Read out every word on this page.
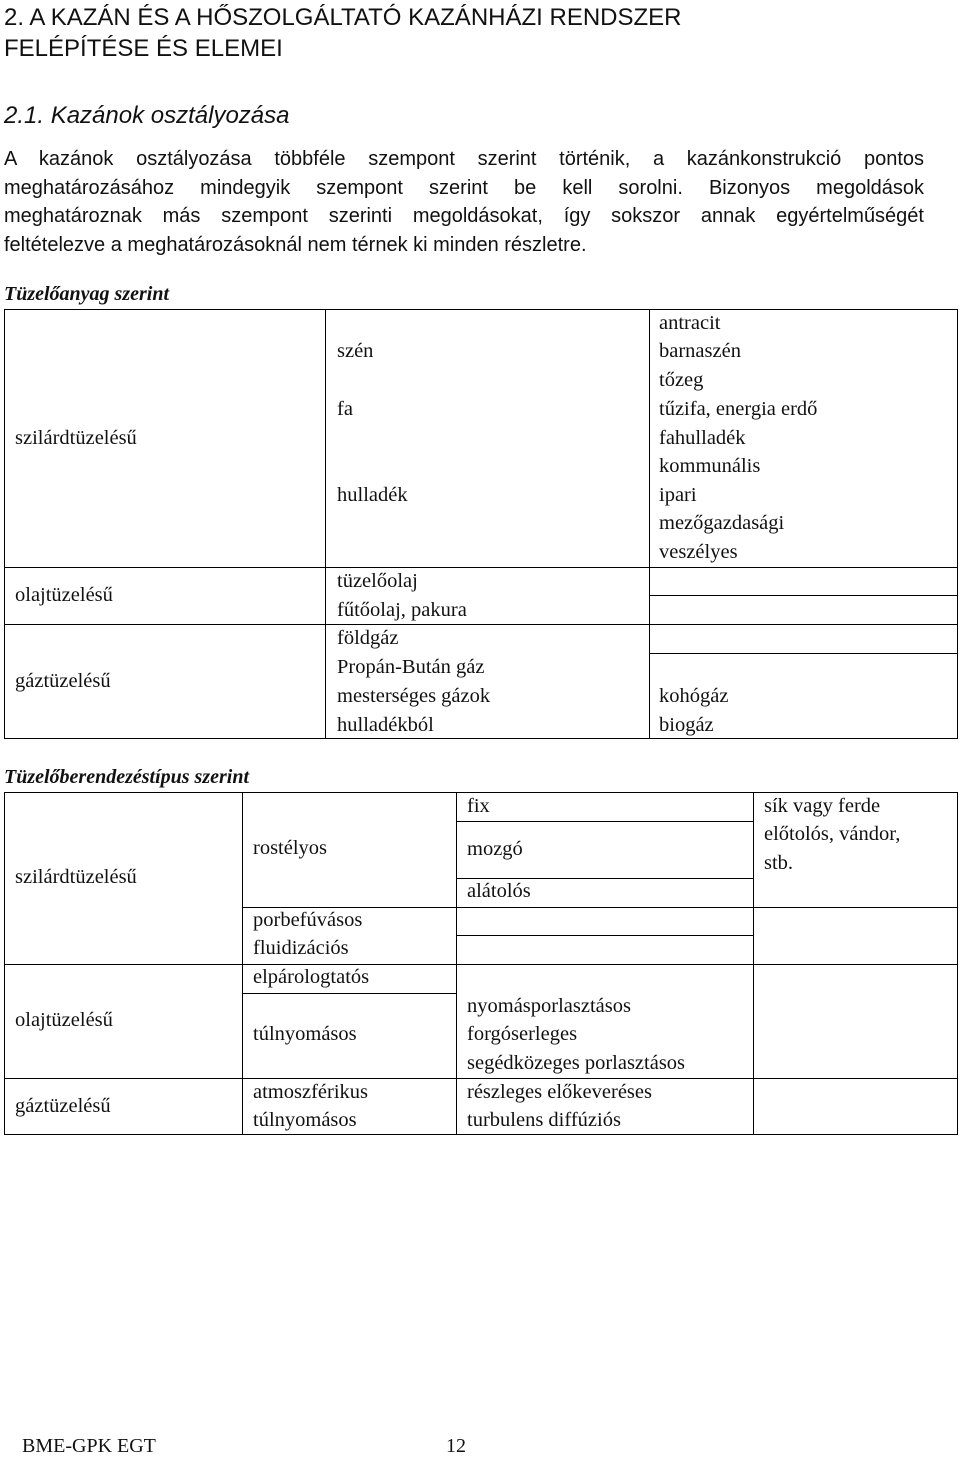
2. A KAZÁN ÉS A HŐSZOLGÁLTATÓ KAZÁNHÁZI RENDSZER
FELÉPÍTÉSE ÉS ELEMEI
2.1. Kazánok osztályozása
A kazánok osztályozása többféle szempont szerint történik, a kazánkonstrukció pontos
meghatározásához mindegyik szempont szerint be kell sorolni. Bizonyos megoldások
meghatároznak más szempont szerinti megoldásokat, így sokszor annak egyértelműségét
feltételezve a meghatározásoknál nem térnek ki minden részletre.
Tüzelőanyag szerint
szilárdtüzelésű
olajtüzelésű
gáztüzelésű
szén
fa
hulladék
tüzelőolaj
fűtőolaj, pakura
földgáz
Propán-Bután gáz
mesterséges gázok
hulladékból
antracit
barnaszén
tőzeg
tűzifa, energia erdő
fahulladék
kommunális
ipari
mezőgazdasági
veszélyes
kohógáz
biogáz
Tüzelőberendezéstípus szerint
szilárdtüzelésű
olajtüzelésű
gáztüzelésű
rostélyos
porbefúvásos
fluidizációs
elpárologtatós
túlnyomásos
atmoszférikus
túlnyomásos
fix
mozgó
alátolós
nyomásporlasztásos
forgóserleges
segédközeges porlasztásos
részleges előkeveréses
turbulens diffúziós
sík vagy ferde
előtolós, vándor,
stb.
BME-GPK EGT	12
